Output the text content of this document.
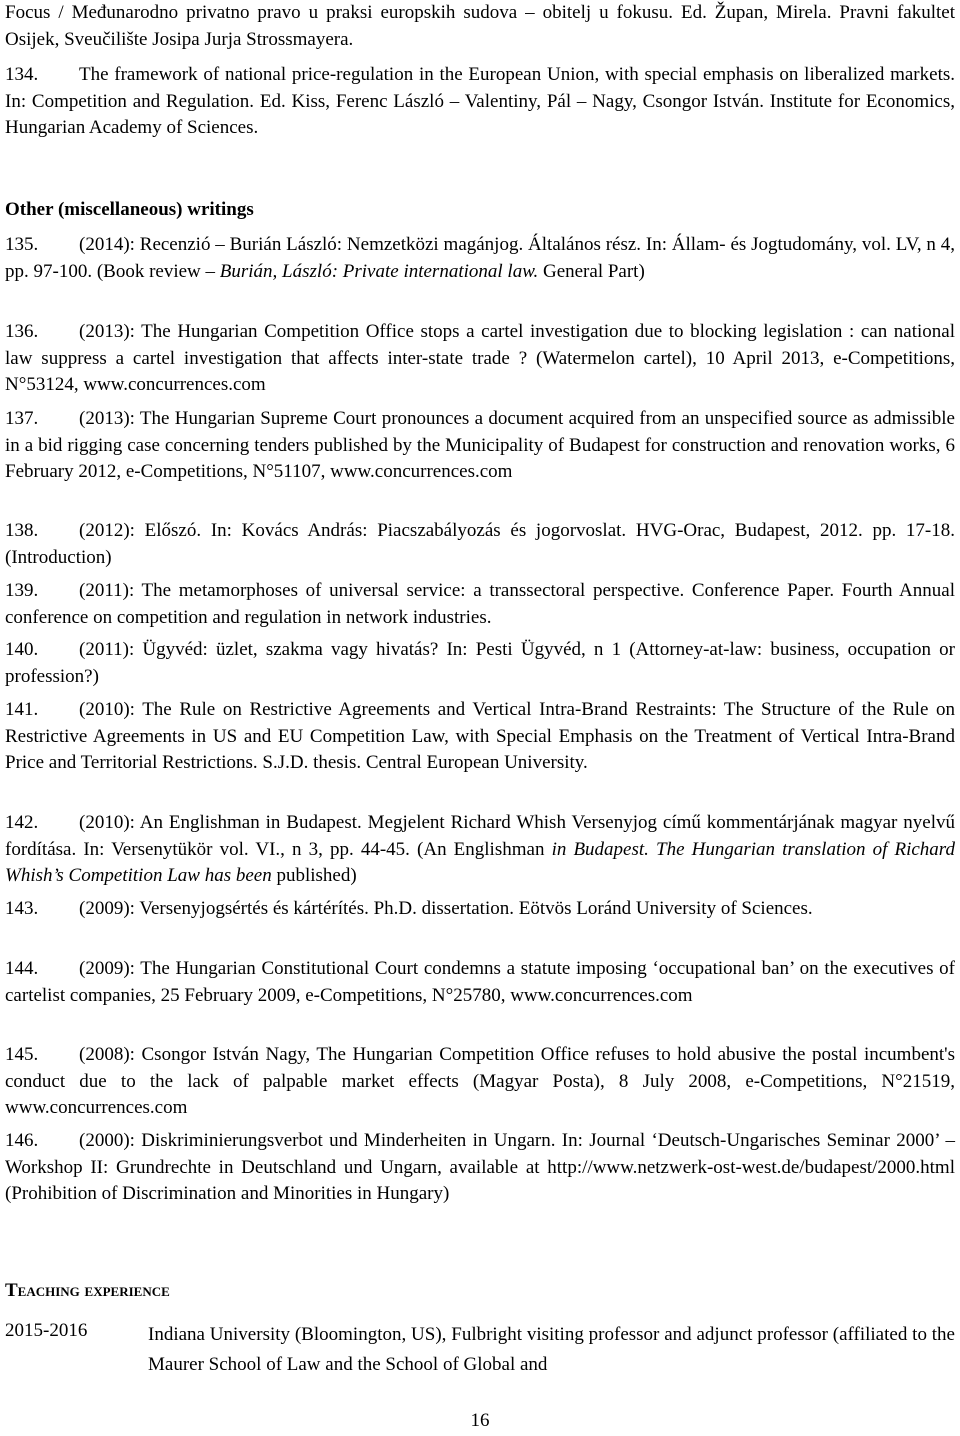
Focus / Međunarodno privatno pravo u praksi europskih sudova – obitelj u fokusu. Ed. Župan, Mirela. Pravni fakultet Osijek, Sveučilište Josipa Jurja Strossmayera.
134. The framework of national price-regulation in the European Union, with special emphasis on liberalized markets. In: Competition and Regulation. Ed. Kiss, Ferenc László – Valentiny, Pál – Nagy, Csongor István. Institute for Economics, Hungarian Academy of Sciences.
Other (miscellaneous) writings
135. (2014): Recenzió – Burián László: Nemzetközi magánjog. Általános rész. In: Állam- és Jogtudomány, vol. LV, n 4, pp. 97-100. (Book review – Burián, László: Private international law. General Part)
136. (2013): The Hungarian Competition Office stops a cartel investigation due to blocking legislation : can national law suppress a cartel investigation that affects inter-state trade ? (Watermelon cartel), 10 April 2013, e-Competitions, N°53124, www.concurrences.com
137. (2013): The Hungarian Supreme Court pronounces a document acquired from an unspecified source as admissible in a bid rigging case concerning tenders published by the Municipality of Budapest for construction and renovation works, 6 February 2012, e-Competitions, N°51107, www.concurrences.com
138. (2012): Előszó. In: Kovács András: Piacszabályozás és jogorvoslat. HVG-Orac, Budapest, 2012. pp. 17-18. (Introduction)
139. (2011): The metamorphoses of universal service: a transsectoral perspective. Conference Paper. Fourth Annual conference on competition and regulation in network industries.
140. (2011): Ügyvéd: üzlet, szakma vagy hivatás? In: Pesti Ügyvéd, n 1 (Attorney-at-law: business, occupation or profession?)
141. (2010): The Rule on Restrictive Agreements and Vertical Intra-Brand Restraints: The Structure of the Rule on Restrictive Agreements in US and EU Competition Law, with Special Emphasis on the Treatment of Vertical Intra-Brand Price and Territorial Restrictions. S.J.D. thesis. Central European University.
142. (2010): An Englishman in Budapest. Megjelent Richard Whish Versenyjog című kommentárjának magyar nyelvű fordítása. In: Versenytükör vol. VI., n 3, pp. 44-45. (An Englishman in Budapest. The Hungarian translation of Richard Whish’s Competition Law has been published)
143. (2009): Versenyjogsértés és kártérítés. Ph.D. dissertation. Eötvös Loránd University of Sciences.
144. (2009): The Hungarian Constitutional Court condemns a statute imposing ‘occupational ban’ on the executives of cartelist companies, 25 February 2009, e-Competitions, N°25780, www.concurrences.com
145. (2008): Csongor István Nagy, The Hungarian Competition Office refuses to hold abusive the postal incumbent's conduct due to the lack of palpable market effects (Magyar Posta), 8 July 2008, e-Competitions, N°21519, www.concurrences.com
146. (2000): Diskriminierungsverbot und Minderheiten in Ungarn. In: Journal ‘Deutsch-Ungarisches Seminar 2000’ – Workshop II: Grundrechte in Deutschland und Ungarn, available at http://www.netzwerk-ost-west.de/budapest/2000.html (Prohibition of Discrimination and Minorities in Hungary)
Teaching experience
2015-2016	Indiana University (Bloomington, US), Fulbright visiting professor and adjunct professor (affiliated to the Maurer School of Law and the School of Global and
16
